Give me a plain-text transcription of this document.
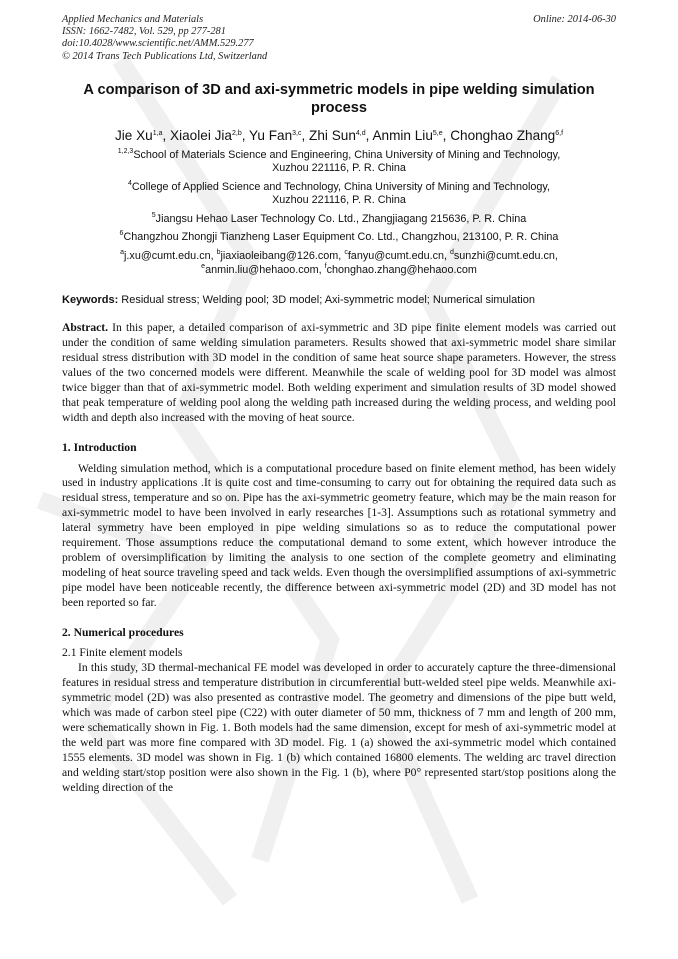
Applied Mechanics and Materials
ISSN: 1662-7482, Vol. 529, pp 277-281
doi:10.4028/www.scientific.net/AMM.529.277
© 2014 Trans Tech Publications Ltd, Switzerland
Online: 2014-06-30
A comparison of 3D and axi-symmetric models in pipe welding simulation process
Jie Xu$^{1,a}$, Xiaolei Jia$^{2,b}$, Yu Fan$^{3,c}$, Zhi Sun$^{4,d}$, Anmin Liu$^{5,e}$, Chonghao Zhang$^{6,f}$
$^{1,2,3}$School of Materials Science and Engineering, China University of Mining and Technology,
Xuzhou 221116, P. R. China
$^4$College of Applied Science and Technology, China University of Mining and Technology,
Xuzhou 221116, P. R. China
$^5$Jiangsu Hehao Laser Technology Co. Ltd., Zhangjiagang 215636, P. R. China
$^6$Changzhou Zhongji Tianzheng Laser Equipment Co. Ltd., Changzhou, 213100, P. R. China
$^a$j.xu@cumt.edu.cn, $^b$jiaxiaoleibang@126.com, $^c$fanyu@cumt.edu.cn, $^d$sunzhi@cumt.edu.cn,
$^e$anmin.liu@hehaoo.com, $^f$chonghao.zhang@hehaoo.com
Keywords: Residual stress; Welding pool; 3D model; Axi-symmetric model; Numerical simulation
Abstract. In this paper, a detailed comparison of axi-symmetric and 3D pipe finite element models was carried out under the condition of same welding simulation parameters. Results showed that axi-symmetric model share similar residual stress distribution with 3D model in the condition of same heat source shape parameters. However, the stress values of the two concerned models were different. Meanwhile the scale of welding pool for 3D model was almost twice bigger than that of axi-symmetric model. Both welding experiment and simulation results of 3D model showed that peak temperature of welding pool along the welding path increased during the welding process, and welding pool width and depth also increased with the moving of heat source.
1. Introduction
Welding simulation method, which is a computational procedure based on finite element method, has been widely used in industry applications .It is quite cost and time-consuming to carry out for obtaining the required data such as residual stress, temperature and so on. Pipe has the axi-symmetric geometry feature, which may be the main reason for axi-symmetric model to have been involved in early researches [1-3]. Assumptions such as rotational symmetry and lateral symmetry have been employed in pipe welding simulations so as to reduce the computational power requirement. Those assumptions reduce the computational demand to some extent, which however introduce the problem of oversimplification by limiting the analysis to one section of the complete geometry and eliminating modeling of heat source traveling speed and tack welds. Even though the oversimplified assumptions of axi-symmetric pipe model have been noticeable recently, the difference between axi-symmetric model (2D) and 3D model has not been reported so far.
2. Numerical procedures
2.1 Finite element models
In this study, 3D thermal-mechanical FE model was developed in order to accurately capture the three-dimensional features in residual stress and temperature distribution in circumferential butt-welded steel pipe welds. Meanwhile axi-symmetric model (2D) was also presented as contrastive model. The geometry and dimensions of the pipe butt weld, which was made of carbon steel pipe (C22) with outer diameter of 50 mm, thickness of 7 mm and length of 200 mm, were schematically shown in Fig. 1. Both models had the same dimension, except for mesh of axi-symmetric model at the weld part was more fine compared with 3D model. Fig. 1 (a) showed the axi-symmetric model which contained 1555 elements. 3D model was shown in Fig. 1 (b) which contained 16800 elements. The welding arc travel direction and welding start/stop position were also shown in the Fig. 1 (b), where P0° represented start/stop positions along the welding direction of the
